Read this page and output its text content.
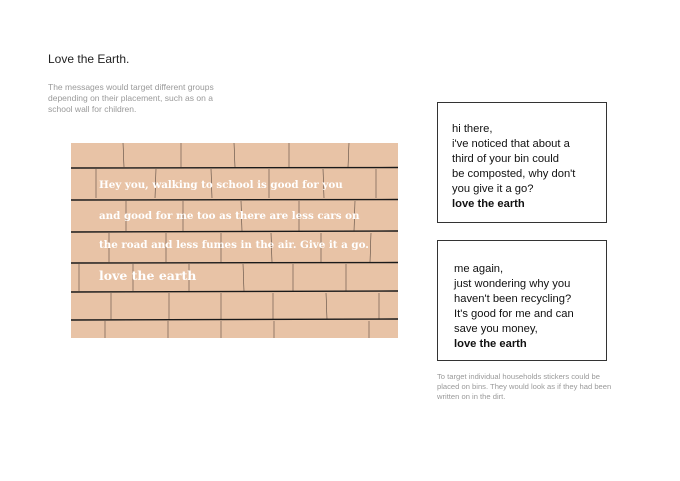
Love the Earth.
The messages would target different groups depending on their placement, such as on a school wall for children.
Hey you, walking to school is good for you
and good for me too as there are less cars on
the road and less fumes in the air. Give it a go.
love the earth
hi there,
i've noticed that about a
third of your bin could
be composted, why don't
you give it a go?
love the earth
me again,
just wondering why you
haven't been recycling?
It's good for me and can
save you money,
love the earth
To target individual households stickers could be placed on bins. They would look as if they had been written on in the dirt.
